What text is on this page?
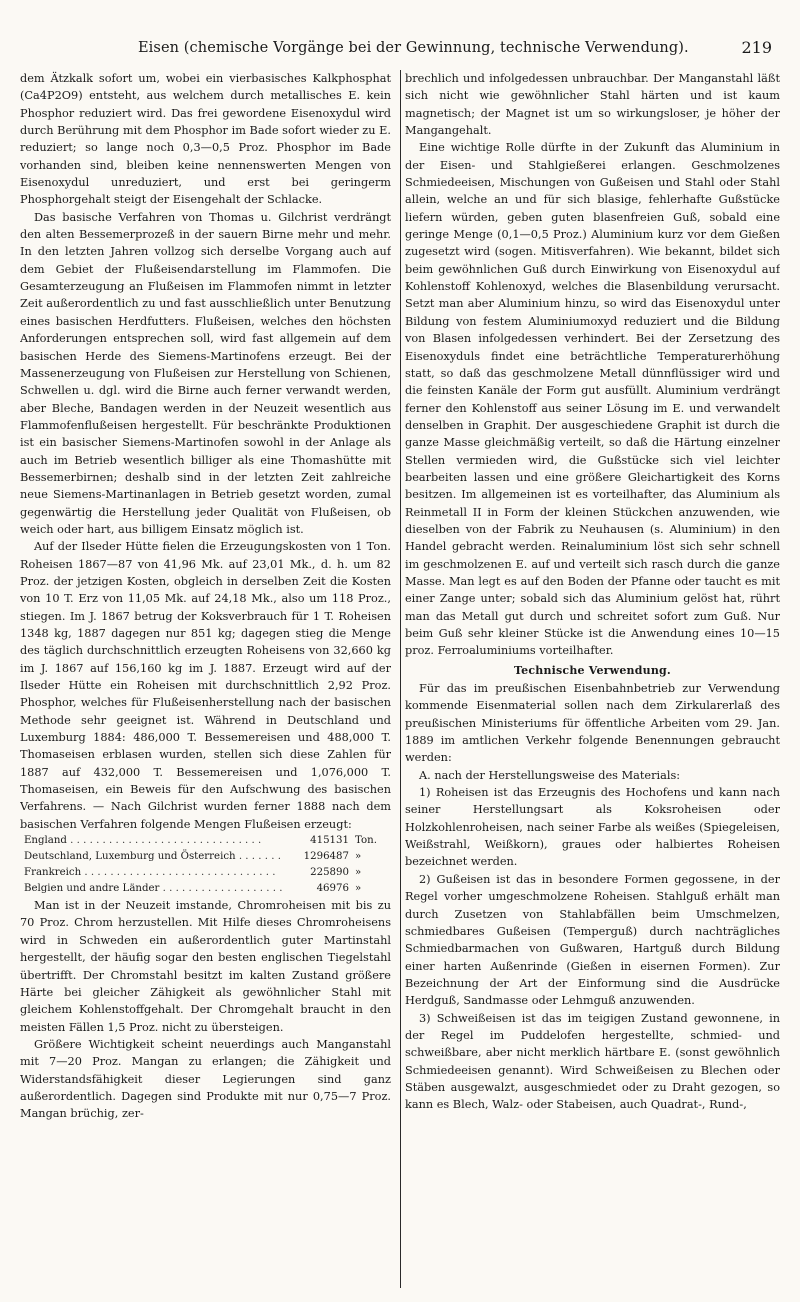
Eisen (chemische Vorgänge bei der Gewinnung, technische Verwendung).	219

dem Ätzkalk sofort um, wobei ein vierbasisches Kalkphosphat (Ca4P2O9) entsteht, aus welchem durch metallisches E. kein Phosphor reduziert wird. Das frei gewordene Eisenoxydul wird durch Berührung mit dem Phosphor im Bade sofort wieder zu E. reduziert; so lange noch 0,3—0,5 Proz. Phosphor im Bade vorhanden sind, bleiben keine nennenswerten Mengen von Eisenoxydul unreduziert, und erst bei geringerm Phosphorgehalt steigt der Eisengehalt der Schlacke.

Das basische Verfahren von Thomas u. Gilchrist verdrängt den alten Bessemerprozeß in der sauern Birne mehr und mehr. In den letzten Jahren vollzog sich derselbe Vorgang auch auf dem Gebiet der Flußeisendarstellung im Flammofen. Die Gesamterzeugung an Flußeisen im Flammofen nimmt in letzter Zeit außerordentlich zu und fast ausschließlich unter Benutzung eines basischen Herdfutters. Flußeisen, welches den höchsten Anforderungen entsprechen soll, wird fast allgemein auf dem basischen Herde des Siemens-Martinofens erzeugt. Bei der Massenerzeugung von Flußeisen zur Herstellung von Schienen, Schwellen u. dgl. wird die Birne auch ferner verwandt werden, aber Bleche, Bandagen werden in der Neuzeit wesentlich aus Flammofenflußeisen hergestellt. Für beschränkte Produktionen ist ein basischer Siemens-Martinofen sowohl in der Anlage als auch im Betrieb wesentlich billiger als eine Thomashütte mit Bessemerbirnen; deshalb sind in der letzten Zeit zahlreiche neue Siemens-Martinanlagen in Betrieb gesetzt worden, zumal gegenwärtig die Herstellung jeder Qualität von Flußeisen, ob weich oder hart, aus billigem Einsatz möglich ist.

Auf der Ilseder Hütte fielen die Erzeugungskosten von 1 Ton. Roheisen 1867—87 von 41,96 Mk. auf 23,01 Mk., d. h. um 82 Proz. der jetzigen Kosten, obgleich in derselben Zeit die Kosten von 10 T. Erz von 11,05 Mk. auf 24,18 Mk., also um 118 Proz., stiegen. Im J. 1867 betrug der Koksverbrauch für 1 T. Roheisen 1348 kg, 1887 dagegen nur 851 kg; dagegen stieg die Menge des täglich durchschnittlich erzeugten Roheisens von 32,660 kg im J. 1867 auf 156,160 kg im J. 1887. Erzeugt wird auf der Ilseder Hütte ein Roheisen mit durchschnittlich 2,92 Proz. Phosphor, welches für Flußeisenherstellung nach der basischen Methode sehr geeignet ist. Während in Deutschland und Luxemburg 1884: 486,000 T. Bessemereisen und 488,000 T. Thomaseisen erblasen wurden, stellen sich diese Zahlen für 1887 auf 432,000 T. Bessemereisen und 1,076,000 T. Thomaseisen, ein Beweis für den Aufschwung des basischen Verfahrens. — Nach Gilchrist wurden ferner 1888 nach dem basischen Verfahren folgende Mengen Flußeisen erzeugt:

England . . .	415131 Ton.
Deutschland, Luxemburg und Österreich . . .	1296487 »
Frankreich . . .	225890 »
Belgien und andre Länder . . .	46976 »

Man ist in der Neuzeit imstande, Chromroheisen mit bis zu 70 Proz. Chrom herzustellen. Mit Hilfe dieses Chromroheisens wird in Schweden ein außerordentlich guter Martinstahl hergestellt, der häufig sogar den besten englischen Tiegelstahl übertrifft. Der Chromstahl besitzt im kalten Zustand größere Härte bei gleicher Zähigkeit als gewöhnlicher Stahl mit gleichem Kohlenstoffgehalt. Der Chromgehalt braucht in den meisten Fällen 1,5 Proz. nicht zu übersteigen.

Größere Wichtigkeit scheint neuerdings auch Manganstahl mit 7—20 Proz. Mangan zu erlangen; die Zähigkeit und Widerstandsfähigkeit dieser Legierungen sind ganz außerordentlich. Dagegen sind Produkte mit nur 0,75—7 Proz. Mangan brüchig, zer-

brechlich und infolgedessen unbrauchbar. Der Manganstahl läßt sich nicht wie gewöhnlicher Stahl härten und ist kaum magnetisch; der Magnet ist um so wirkungsloser, je höher der Mangangehalt.

Eine wichtige Rolle dürfte in der Zukunft das Aluminium in der Eisen- und Stahlgießerei erlangen. Geschmolzenes Schmiedeeisen, Mischungen von Gußeisen und Stahl oder Stahl allein, welche an und für sich blasige, fehlerhafte Gußstücke liefern würden, geben guten blasenfreien Guß, sobald eine geringe Menge (0,1—0,5 Proz.) Aluminium kurz vor dem Gießen zugesetzt wird (sogen. Mitisverfahren). Wie bekannt, bildet sich beim gewöhnlichen Guß durch Einwirkung von Eisenoxydul auf Kohlenstoff Kohlenoxyd, welches die Blasenbildung verursacht. Setzt man aber Aluminium hinzu, so wird das Eisenoxydul unter Bildung von festem Aluminiumoxyd reduziert und die Bildung von Blasen infolgedessen verhindert. Bei der Zersetzung des Eisenoxyduls findet eine beträchtliche Temperaturerhöhung statt, so daß das geschmolzene Metall dünnflüssiger wird und die feinsten Kanäle der Form gut ausfüllt. Aluminium verdrängt ferner den Kohlenstoff aus seiner Lösung im E. und verwandelt denselben in Graphit. Der ausgeschiedene Graphit ist durch die ganze Masse gleichmäßig verteilt, so daß die Härtung einzelner Stellen vermieden wird, die Gußstücke sich viel leichter bearbeiten lassen und eine größere Gleichartigkeit des Korns besitzen. Im allgemeinen ist es vorteilhafter, das Aluminium als Reinmetall II in Form der kleinen Stückchen anzuwenden, wie dieselben von der Fabrik zu Neuhausen (s. Aluminium) in den Handel gebracht werden. Reinaluminium löst sich sehr schnell im geschmolzenen E. auf und verteilt sich rasch durch die ganze Masse. Man legt es auf den Boden der Pfanne oder taucht es mit einer Zange unter; sobald sich das Aluminium gelöst hat, rührt man das Metall gut durch und schreitet sofort zum Guß. Nur beim Guß sehr kleiner Stücke ist die Anwendung eines 10—15 proz. Ferroaluminiums vorteilhafter.

Technische Verwendung.

Für das im preußischen Eisenbahnbetrieb zur Verwendung kommende Eisenmaterial sollen nach dem Zirkularerlaß des preußischen Ministeriums für öffentliche Arbeiten vom 29. Jan. 1889 im amtlichen Verkehr folgende Benennungen gebraucht werden:

A. nach der Herstellungsweise des Materials:

1) Roheisen ist das Erzeugnis des Hochofens und kann nach seiner Herstellungsart als Koksroheisen oder Holzkohlenroheisen, nach seiner Farbe als weißes (Spiegeleisen, Weißstrahl, Weißkorn), graues oder halbiertes Roheisen bezeichnet werden.

2) Gußeisen ist das in besondere Formen gegossene, in der Regel vorher umgeschmolzene Roheisen. Stahlguß erhält man durch Zusetzen von Stahlabfällen beim Umschmelzen, schmiedbares Gußeisen (Temperguß) durch nachträgliches Schmiedbarmachen von Gußwaren, Hartguß durch Bildung einer harten Außenrinde (Gießen in eisernen Formen). Zur Bezeichnung der Art der Einformung sind die Ausdrücke Herdguß, Sandmasse oder Lehmguß anzuwenden.

3) Schweißeisen ist das im teigigen Zustand gewonnene, in der Regel im Puddelofen hergestellte, schmied- und schweißbare, aber nicht merklich härtbare E. (sonst gewöhnlich Schmiedeeisen genannt). Wird Schweißeisen zu Blechen oder Stäben ausgewalzt, ausgeschmiedet oder zu Draht gezogen, so kann es Blech, Walz- oder Stabeisen, auch Quadrat-, Rund-,
